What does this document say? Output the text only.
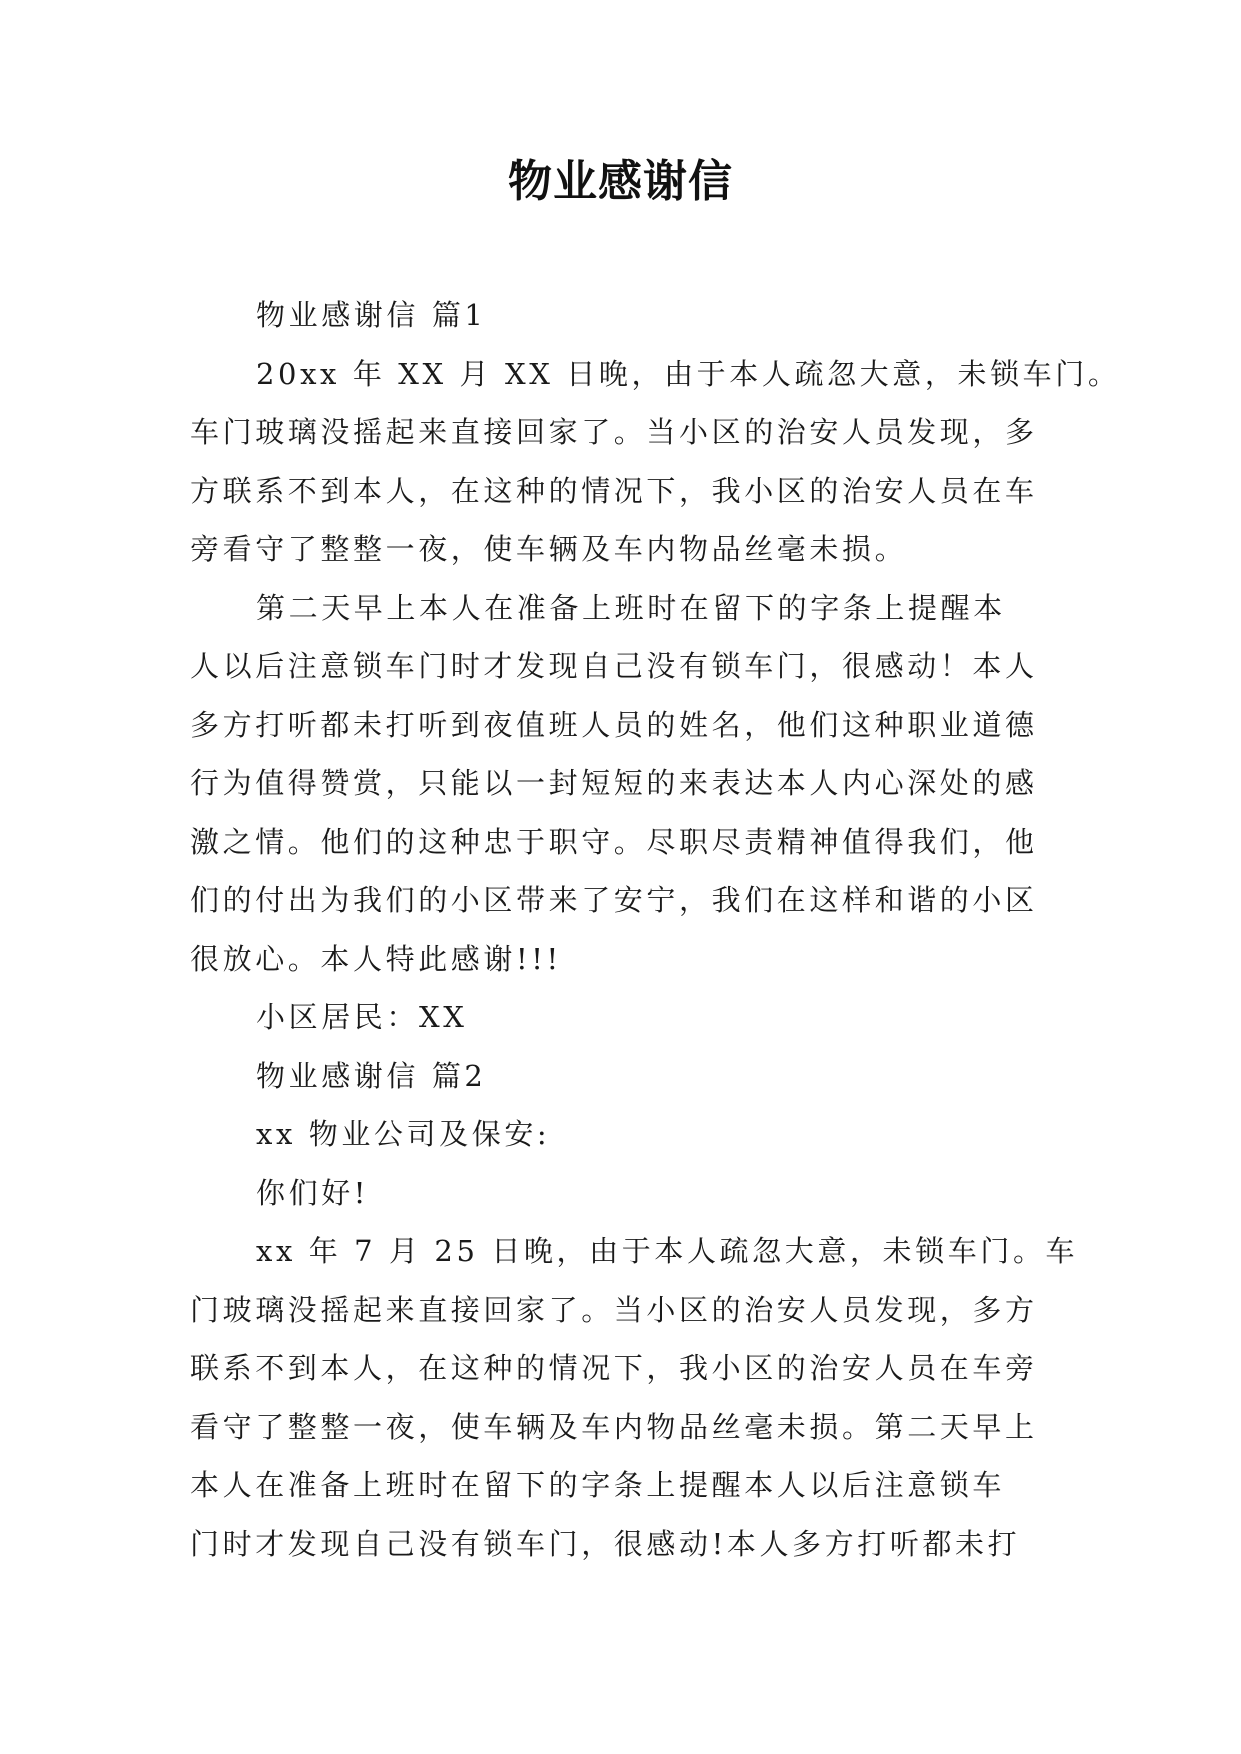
物业感谢信
物业感谢信 篇1
20xx 年 XX 月 XX 日晚，由于本人疏忽大意，未锁车门。
车门玻璃没摇起来直接回家了。当小区的治安人员发现，多
方联系不到本人，在这种的情况下，我小区的治安人员在车
旁看守了整整一夜，使车辆及车内物品丝毫未损。
第二天早上本人在准备上班时在留下的字条上提醒本
人以后注意锁车门时才发现自己没有锁车门，很感动！本人
多方打听都未打听到夜值班人员的姓名，他们这种职业道德
行为值得赞赏，只能以一封短短的来表达本人内心深处的感
激之情。他们的这种忠于职守。尽职尽责精神值得我们，他
们的付出为我们的小区带来了安宁，我们在这样和谐的小区
很放心。本人特此感谢!!!
小区居民：XX
物业感谢信 篇2
xx 物业公司及保安:
你们好!
xx 年 7 月 25 日晚，由于本人疏忽大意，未锁车门。车
门玻璃没摇起来直接回家了。当小区的治安人员发现，多方
联系不到本人，在这种的情况下，我小区的治安人员在车旁
看守了整整一夜，使车辆及车内物品丝毫未损。第二天早上
本人在准备上班时在留下的字条上提醒本人以后注意锁车
门时才发现自己没有锁车门，很感动!本人多方打听都未打
